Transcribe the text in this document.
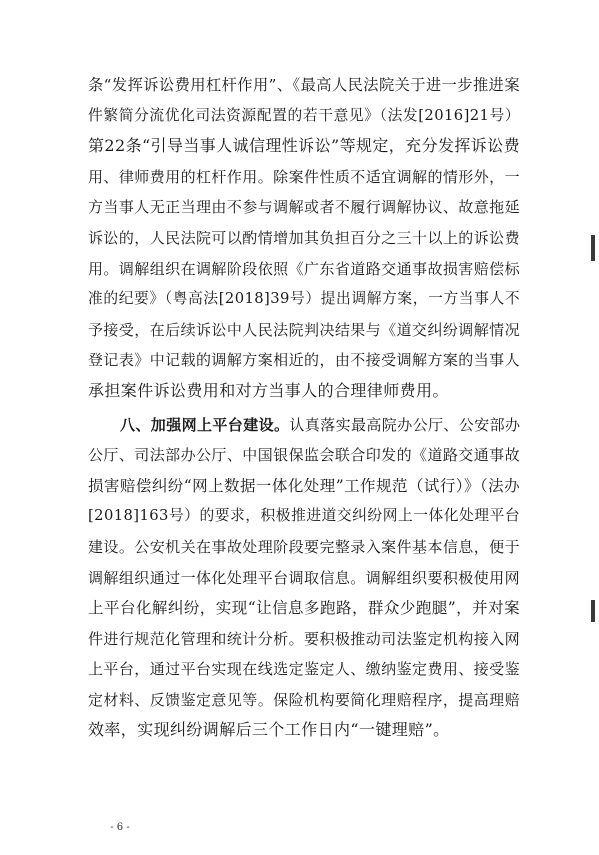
条“发挥诉讼费用杠杆作用”、《最高人民法院关于进一步推进案
件繁简分流优化司法资源配置的若干意见》（法发[2016]21号）
第22条“引导当事人诚信理性诉讼”等规定，充分发挥诉讼费
用、律师费用的杠杆作用。除案件性质不适宜调解的情形外，一
方当事人无正当理由不参与调解或者不履行调解协议、故意拖延
诉讼的，人民法院可以酌情增加其负担百分之三十以上的诉讼费
用。调解组织在调解阶段依照《广东省道路交通事故损害赔偿标
准的纪要》（粤高法[2018]39号）提出调解方案，一方当事人不
予接受，在后续诉讼中人民法院判决结果与《道交纠纷调解情况
登记表》中记载的调解方案相近的，由不接受调解方案的当事人
承担案件诉讼费用和对方当事人的合理律师费用。
八、加强网上平台建设。认真落实最高院办公厅、公安部办
公厅、司法部办公厅、中国银保监会联合印发的《道路交通事故
损害赔偿纠纷“网上数据一体化处理”工作规范（试行）》（法办
[2018]163号）的要求，积极推进道交纠纷网上一体化处理平台
建设。公安机关在事故处理阶段要完整录入案件基本信息，便于
调解组织通过一体化处理平台调取信息。调解组织要积极使用网
上平台化解纠纷，实现“让信息多跑路，群众少跑腿”，并对案
件进行规范化管理和统计分析。要积极推动司法鉴定机构接入网
上平台，通过平台实现在线选定鉴定人、缴纳鉴定费用、接受鉴
定材料、反馈鉴定意见等。保险机构要简化理赔程序，提高理赔
效率，实现纠纷调解后三个工作日内“一键理赔”。
- 6 -
